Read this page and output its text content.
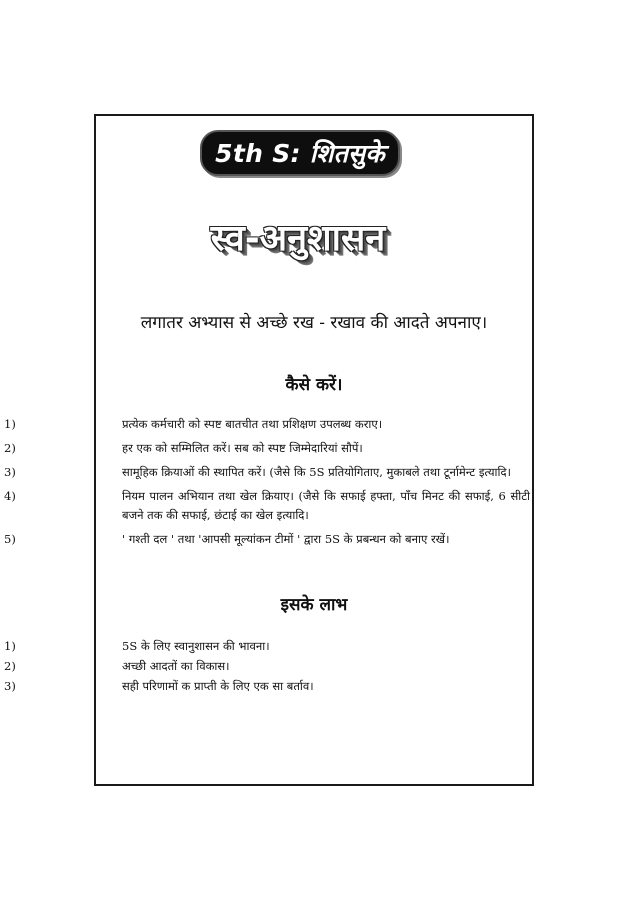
5th S: शितसुके
स्व-अनुशासन
लगातर अभ्यास से अच्छे रख - रखाव की आदते अपनाए।
कैसे करें।
1)	प्रत्येक कर्मचारी को स्पष्ट बातचीत तथा प्रशिक्षण उपलब्ध कराए।
2)	हर एक को सम्मिलित करें। सब को स्पष्ट जिम्मेदारियां सौपें।
3)	सामूहिक क्रियाओं की स्थापित करें। (जैसे कि 5S प्रतियोगिताए, मुकाबले तथा टूर्नामेन्ट इत्यादि।
4)	नियम पालन अभियान तथा खेल क्रियाए। (जैसे कि सफाई हफ्ता, पाँच मिनट की सफाई, 6 सीटी बजने तक की सफाई, छंटाई का खेल इत्यादि।
5)	' गश्ती दल ' तथा 'आपसी मूल्यांकन टीमों ' द्वारा 5S के प्रबन्धन को बनाए रखें।
इसके लाभ
1)	5S के लिए स्वानुशासन की भावना।
2)	अच्छी आदतों का विकास।
3)	सही परिणामों क प्राप्ती के लिए एक सा बर्ताव।
